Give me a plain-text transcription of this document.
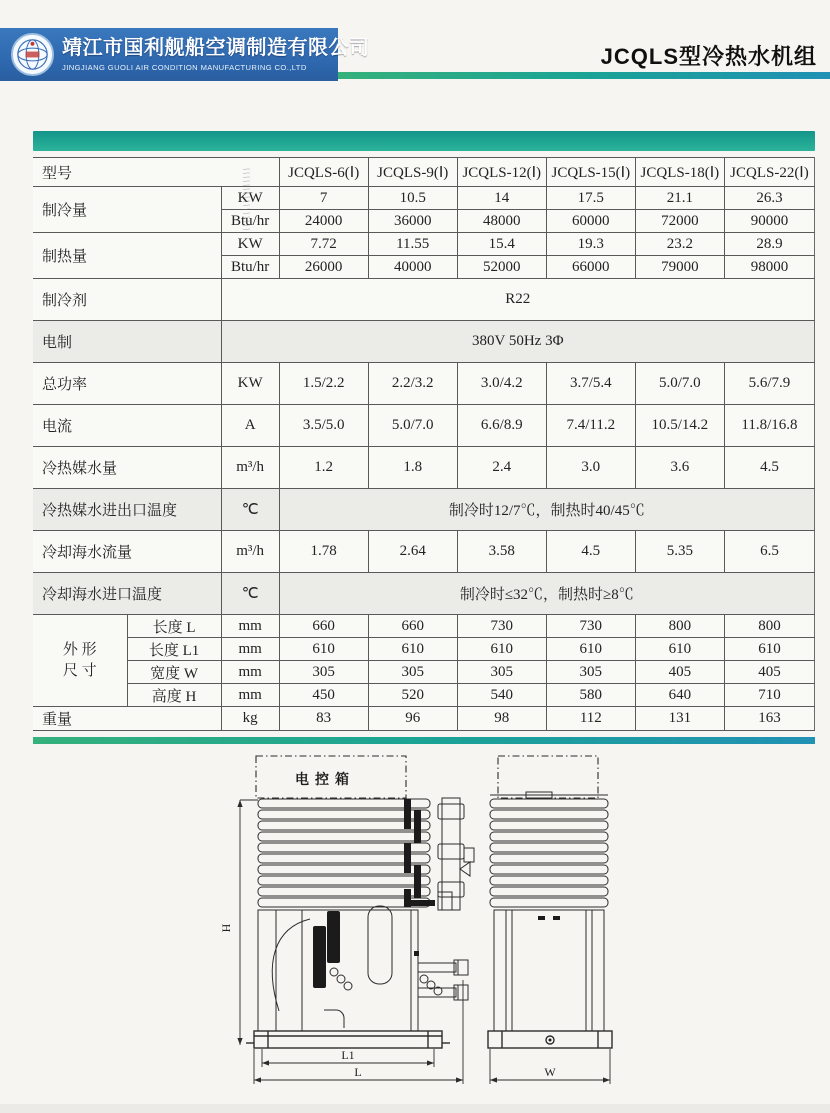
靖江市国利舰船空调制造有限公司
JINGJIANG GUOLI AIR CONDITION MANUFACTURING CO.,LTD	JCQLS型冷热水机组
型号			JCQLS-6(Ⅰ)	JCQLS-9(Ⅰ)	JCQLS-12(Ⅰ)	JCQLS-15(Ⅰ)	JCQLS-18(Ⅰ)	JCQLS-22(Ⅰ)
制冷量		KW	7	10.5	14	17.5	21.1	26.3
		Btu/hr	24000	36000	48000	60000	72000	90000
制热量		KW	7.72	11.55	15.4	19.3	23.2	28.9
		Btu/hr	26000	40000	52000	66000	79000	98000
制冷剂		R22						
电制		380V 50Hz 3Φ						
总功率		KW	1.5/2.2	2.2/3.2	3.0/4.2	3.7/5.4	5.0/7.0	5.6/7.9
电流		A	3.5/5.0	5.0/7.0	6.6/8.9	7.4/11.2	10.5/14.2	11.8/16.8
冷热媒水量		m³/h	1.2	1.8	2.4	3.0	3.6	4.5
冷热媒水进出口温度		℃	制冷时12/7℃，制热时40/45℃					
冷却海水流量		m³/h	1.78	2.64	3.58	4.5	5.35	6.5
冷却海水进口温度		℃	制冷时≤32℃，制热时≥8℃					
外 形
尺 寸	长度 L	mm	660	660	730	730	800	800
	长度 L1	mm	610	610	610	610	610	610
	宽度 W	mm	305	305	305	305	405	405
	高度 H	mm	450	520	540	580	640	710
重量		kg	83	96	98	112	131	163
电控箱
H
L1
L	W
